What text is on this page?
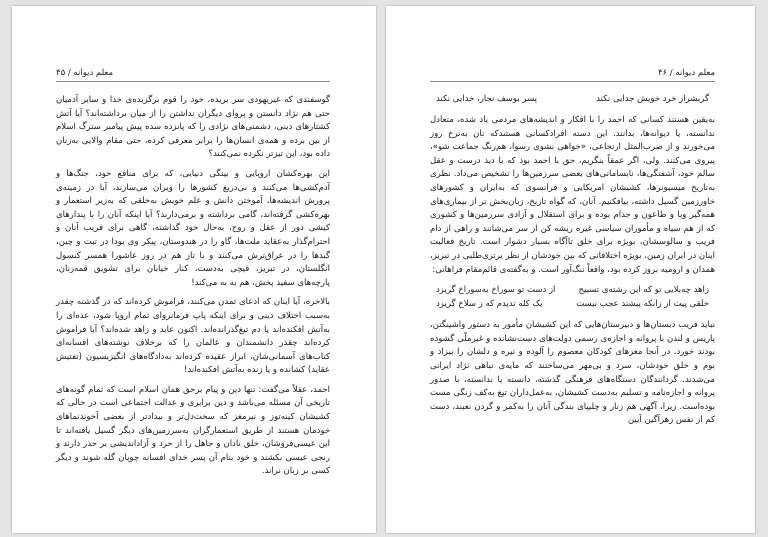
معلم دیوانه / ۴۵

گوسفندی که غیریهودی سر بریده، خود را قوم برگزیده‌ی خدا و سایر آدمیان حتی هم نژاد دانستن و پروای دیگران نداشتن را از میان برداشته‌اند؟ آیا آتش کشتارهای دینی، دشمنی‌های نژادی را که پانزده سده پیش پیامبر سترگ اسلام از بین برده و همه‌ی انسان‌ها را برابر معرفی کرده، حتی مقام والایی به‌زنان داده بود، این تیزتر نکرده نمی‌کنند؟

این بهره‌کشان اروپایی و بینگی دنیایی، که برای منافع خود، جنگ‌ها و آدم‌کشی‌ها می‌کنند و بی‌دریغ کشورها را ویران می‌سازند، آیا در زمینه‌ی پرورش اندیشه‌ها، آموختن دانش و علم خویش به‌خلقی که به‌زیر استعمار و بهره‌کشی گرفته‌اند، گامی برداشته و برمی‌دارند؟ آیا اینکه آنان را با پندارهای کیشی دور از عقل و روح، به‌حال خود گذاشته، گاهی برای فریب آنان و احترام‌گذار به‌عقاید ملت‌ها، گاو را در هندوستان، پیکر وی بودا در تبت و چین، گبدها را در عراق‌ترش می‌کنند و با تاز هم در روز عاشورا همسر کنسول انگلستان، در تبریز، قیچی به‌دست، کنار خیابان برای تشویق قمه‌زنان، پارچه‌های سفید پخش، هم به ‌به می‌کند!

بالاخره، آیا اینان که ادعای تمدن می‌کنند، فراموش کرده‌اند که در گذشته چقدر به‌سبب اختلاف دینی و برای اینکه پاپ فرمانروای تمام اروپا شود، عده‌ای را به‌آتش افکنده‌اند یا دم تیغ‌گذرانده‌اند. اکنون عابد و زاهد شده‌اند؟ آیا فراموش کرده‌اند چقدر دانشمندان و عالمان را که برخلاف نوشته‌های افسانه‌ای کتاب‌های آسمانی‌شان، ابراز عقیده کرده‌اند به‌دادگاه‌های انگیزیسیون (تفتیش عقاید) کشانده و یا زنده به‌آتش افکنده‌اند!

احمد، عقلاً می‌گفت: تنها دین و پیام برحق همان اسلام است که تمام گونه‌های تاریخی آن مسئله می‌باشد و دین برابری و عدالت اجتماعی است در حالی که کشیشان کینه‌توز و نیرمغز که سخت‌دل‌تر و بیدادتر از بعضی آخوندنماهای خودمان هستند از طریق استعمارگران به‌سرزمین‌های دیگر گسیل یافته‌اند تا این عیسی‌فروشان، خلق نادان و جاهل را از حرد و آزاداندیشی بر حذر دارند و رنجی عیسی بکشند و خود بنام آن پسر خدای افسانه چوپان گله شوند و دیگر کسی بر زبان نراند.

۴۶ / معلم دیوانه
گربشراز خرد خویش جدایی نکند
پسر یوسف نجار، خدایی نکند

به‌یقین هستند کسانی که احمد را با افکار و اندیشه‌های مردمی یاد شده، متعادل ندانسته، یا دیوانه‌ها، بدانند. این دسته افرادکسانی هستندکه نان به‌نرخ روز می‌خورند و از ضرب‌المثل ارتجاعی، «خواهی نشوی رسوا، هم‌رنگ جماعت شو»، پیروی می‌کنند. ولی، اگر عمقاً بنگریم، حق با احمد بود که با دید درست و عقل سالم خود، آشفتگی‌ها، نابسامانی‌های بعضی سرزمین‌ها را تشخیص می‌داد. نظری به‌تاریخ میسیونرها، کشیشان امریکایی و فرانسوی که به‌ایران و کشورهای خاورزمین گسیل داشته، بیافکنیم. آنان، که گواه تاریخ، زبان‌بخش تر از بیماری‌های همه‌گیر وبا و طاعون و جذام بوده و برای استقلال و آزادی سرزمین‌ها و کشوری که از هم سیاه و مأموران سیاسی غیره ریشه کن از سر می‌شانند و راهی از دام فریب و سالوسشان، بویژه برای خلق تاآگاه بسیار دشوار است. تاریخ فعالیت اینان در ایران زمین، بویژه اختلافاتی که بین خودشان از نظر برتری‌طلبی در تبریز، همدان و ارومیه بروز کرده بود، واقعاً ننگ‌آور است. و به‌گفته‌ی قائم‌مقام فراهانی:

زاهد چه‌بلایی تو که این رشته‌ی تسبیح
از دست تو سوراخ به‌سوراخ گریزد
خلقی پیت از زانکه پیشند عجب نیست
یک کله تدیدم که ز سلاخ گریزد

نباید فریب دبستان‌ها و دبیرستان‌هایی که این کشیشان مأمور به دستور واشینگتن، پاریس و لندن با پروانه و اجازه‌ی رسمی دولت‌های دست‌نشانده و غیرملّی گشوده بودند خورد. در آنجا مغزهای کودکان معصوم را آلوده و تیره و دلشان را بیزاد و بوم و خلق خودشان، سرد و بی‌مهر می‌ساختند که مایه‌ی تباهی نژاد ایرانی می‌شدند. گردانندگان دستگاه‌های فرهنگی گذشته، دانسته یا ندانسته، با صدور پروانه و اجازه‌نامه و تسلیم به‌دست کشیشان، به‌عمل‌داران تیغ به‌کف زنگی مست بوده‌است. زیرا، آگهی هم زنار و چلیپای بندگی آنان را به‌کمر و گردن نعبند، دست کم از نفس زهرآگین آیین
